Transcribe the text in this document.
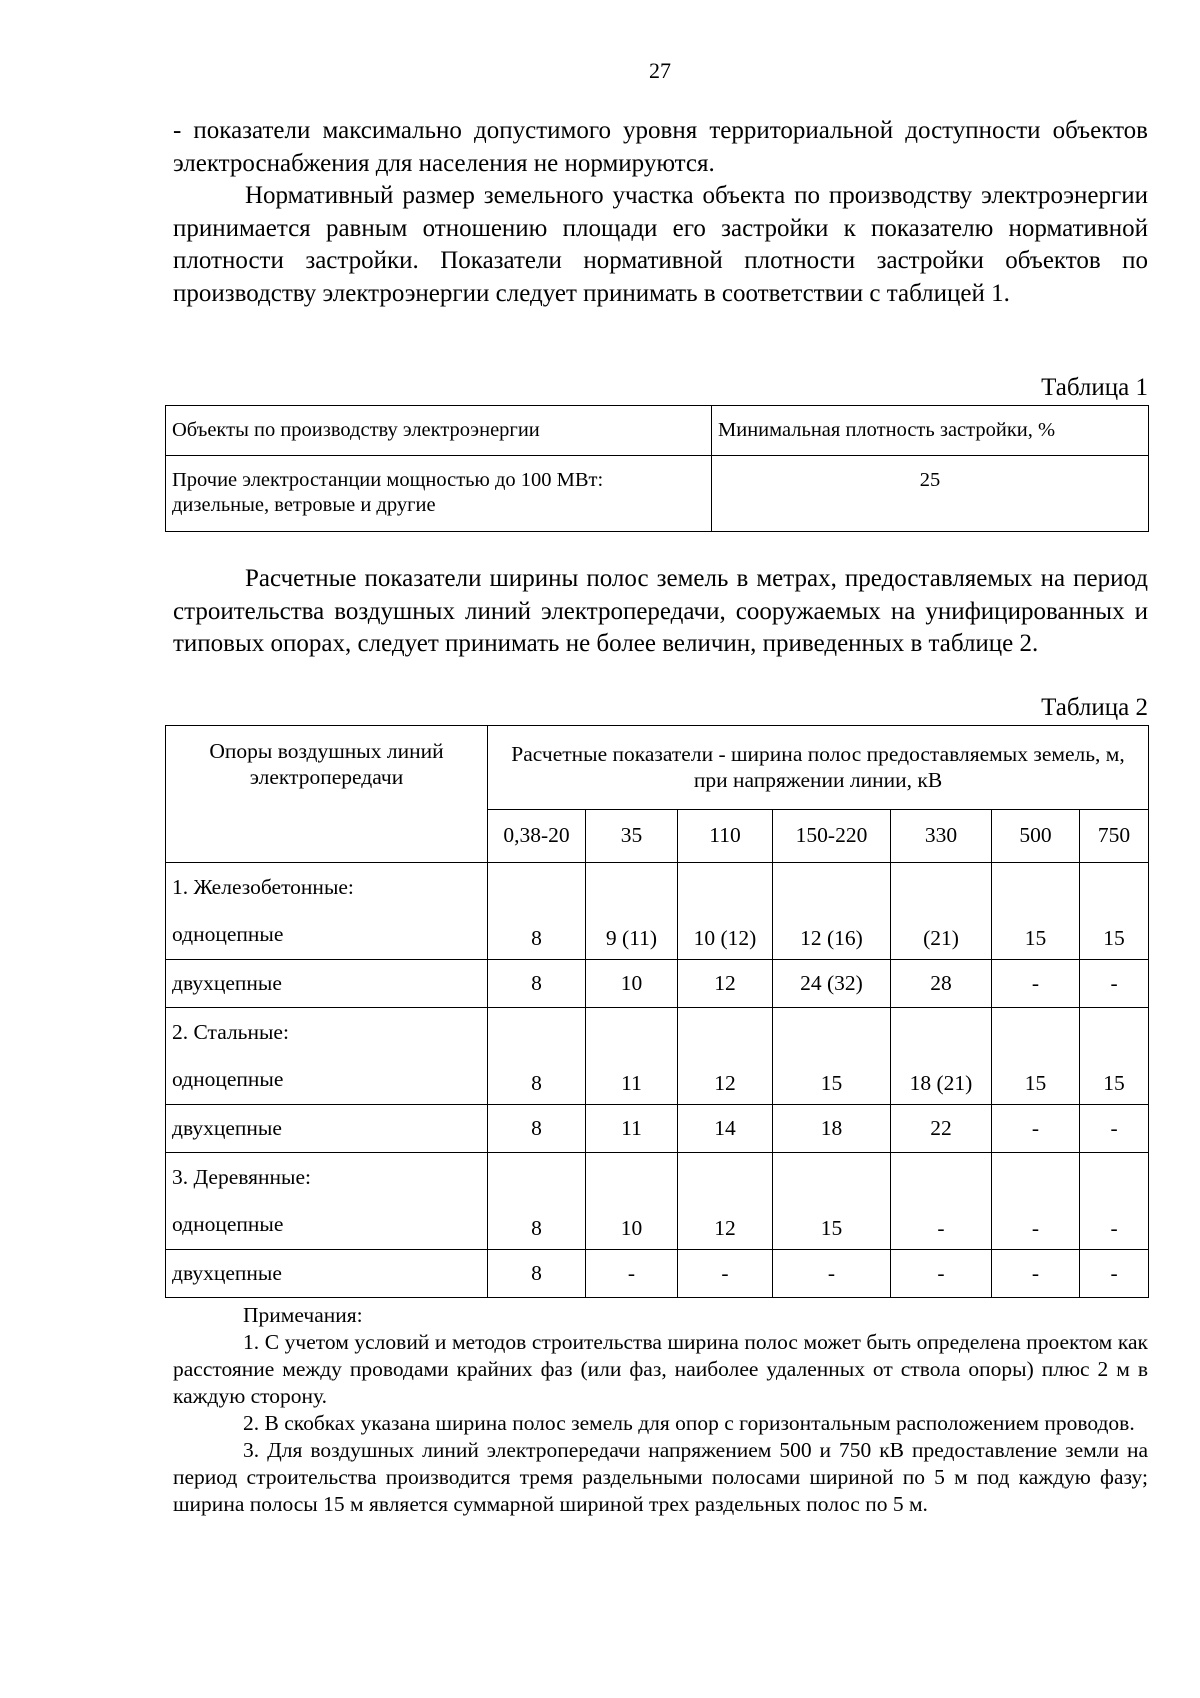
27

- показатели максимально допустимого уровня территориальной доступности объектов электроснабжения для населения не нормируются.

Нормативный размер земельного участка объекта по производству электроэнергии принимается равным отношению площади его застройки к показателю нормативной плотности застройки. Показатели нормативной плотности застройки объектов по производству электроэнергии следует принимать в соответствии с таблицей 1.

Таблица 1
Объекты по производству электроэнергии	Минимальная плотность застройки, %
Прочие электростанции мощностью до 100 МВт: дизельные, ветровые и другие	25

Расчетные показатели ширины полос земель в метрах, предоставляемых на период строительства воздушных линий электропередачи, сооружаемых на унифицированных и типовых опорах, следует принимать не более величин, приведенных в таблице 2.

Таблица 2
Опоры воздушных линий электропередачи	Расчетные показатели - ширина полос предоставляемых земель, м, при напряжении линии, кВ						
	0,38-20	35	110	150-220	330	500	750

1. Железобетонные:
одноцепные	8	9 (11)	10 (12)	12 (16)	(21)	15	15
двухцепные	8	10	12	24 (32)	28	-	-

2. Стальные:
одноцепные	8	11	12	15	18 (21)	15	15
двухцепные	8	11	14	18	22	-	-

3. Деревянные:
одноцепные	8	10	12	15	-	-	-
двухцепные	8	-	-	-	-	-	-

Примечания:

1. С учетом условий и методов строительства ширина полос может быть определена проектом как расстояние между проводами крайних фаз (или фаз, наиболее удаленных от ствола опоры) плюс 2 м в каждую сторону.

2. В скобках указана ширина полос земель для опор с горизонтальным расположением проводов.

3. Для воздушных линий электропередачи напряжением 500 и 750 кВ предоставление земли на период строительства производится тремя раздельными полосами шириной по 5 м под каждую фазу; ширина полосы 15 м является суммарной шириной трех раздельных полос по 5 м.
